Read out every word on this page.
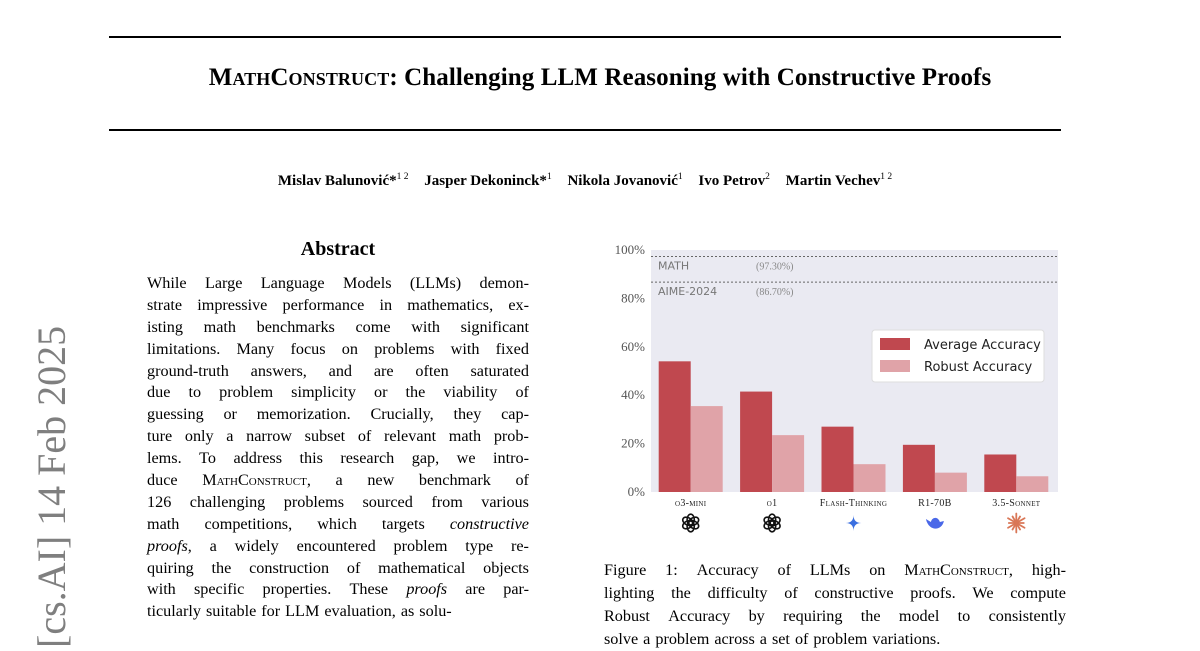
MathConstruct: Challenging LLM Reasoning with Constructive Proofs
Mislav Balunović*$^{1 2}$ Jasper Dekoninck*$^1$ Nikola Jovanović$^1$ Ivo Petrov$^2$ Martin Vechev$^{1 2}$
[cs.AI] 14 Feb 2025
Abstract
While Large Language Models (LLMs) demon-
strate impressive performance in mathematics, ex-
isting math benchmarks come with significant
limitations. Many focus on problems with fixed
ground-truth answers, and are often saturated
due to problem simplicity or the viability of
guessing or memorization. Crucially, they cap-
ture only a narrow subset of relevant math prob-
lems. To address this research gap, we intro-
duce MathConstruct, a new benchmark of
126 challenging problems sourced from various
math competitions, which targets constructive
proofs, a widely encountered problem type re-
quiring the construction of mathematical objects
with specific properties. These proofs are par-
ticularly suitable for LLM evaluation, as solu-
0%
20%
40%
60%
80%
100%
MATH	(97.30%)
AIME-2024	(86.70%)
o3-mini	o1	Flash-Thinking	R1-70B	3.5-Sonnet
Average Accuracy
Robust Accuracy
Figure 1: Accuracy of LLMs on MathConstruct, high-
lighting the difficulty of constructive proofs. We compute
Robust Accuracy by requiring the model to consistently
solve a problem across a set of problem variations.
